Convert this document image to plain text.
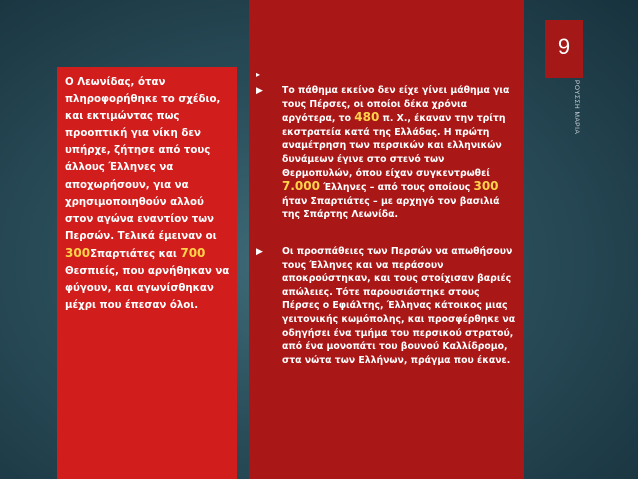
Ο Λεωνίδας, όταν πληροφορήθηκε το σχέδιο, και εκτιμώντας πως προοπτική για νίκη δεν υπήρχε, ζήτησε από τους άλλους Έλληνες να αποχωρήσουν, για να χρησιμοποιηθούν αλλού στον αγώνα εναντίον των Περσών. Τελικά έμειναν οι 300Σπαρτιάτες και 700 Θεσπιείς, που αρνήθηκαν να φύγουν, και αγωνίσθηκαν μέχρι που έπεσαν όλοι.
▸
▶ Το πάθημα εκείνο δεν είχε γίνει μάθημα για τους Πέρσες, οι οποίοι δέκα χρόνια αργότερα, το 480 π. Χ., έκαναν την τρίτη εκστρατεία κατά της Ελλάδας. Η πρώτη αναμέτρηση των περσικών και ελληνικών δυνάμεων έγινε στο στενό των Θερμοπυλών, όπου είχαν συγκεντρωθεί 7.000 Έλληνες – από τους οποίους 300 ήταν Σπαρτιάτες – με αρχηγό τον βασιλιά της Σπάρτης Λεωνίδα.
▶ Οι προσπάθειες των Περσών να απωθήσουν τους Έλληνες και να περάσουν αποκρούστηκαν, και τους στοίχισαν βαριές απώλειες. Τότε παρουσιάστηκε στους Πέρσες ο Εφιάλτης, Έλληνας κάτοικος μιας γειτονικής κωμόπολης, και προσφέρθηκε να οδηγήσει ένα τμήμα του περσικού στρατού, από ένα μονοπάτι του βουνού Καλλίδρομο, στα νώτα των Ελλήνων, πράγμα που έκανε.
9
ΡΟΥΣΣΗ ΜΑΡΙΑ
